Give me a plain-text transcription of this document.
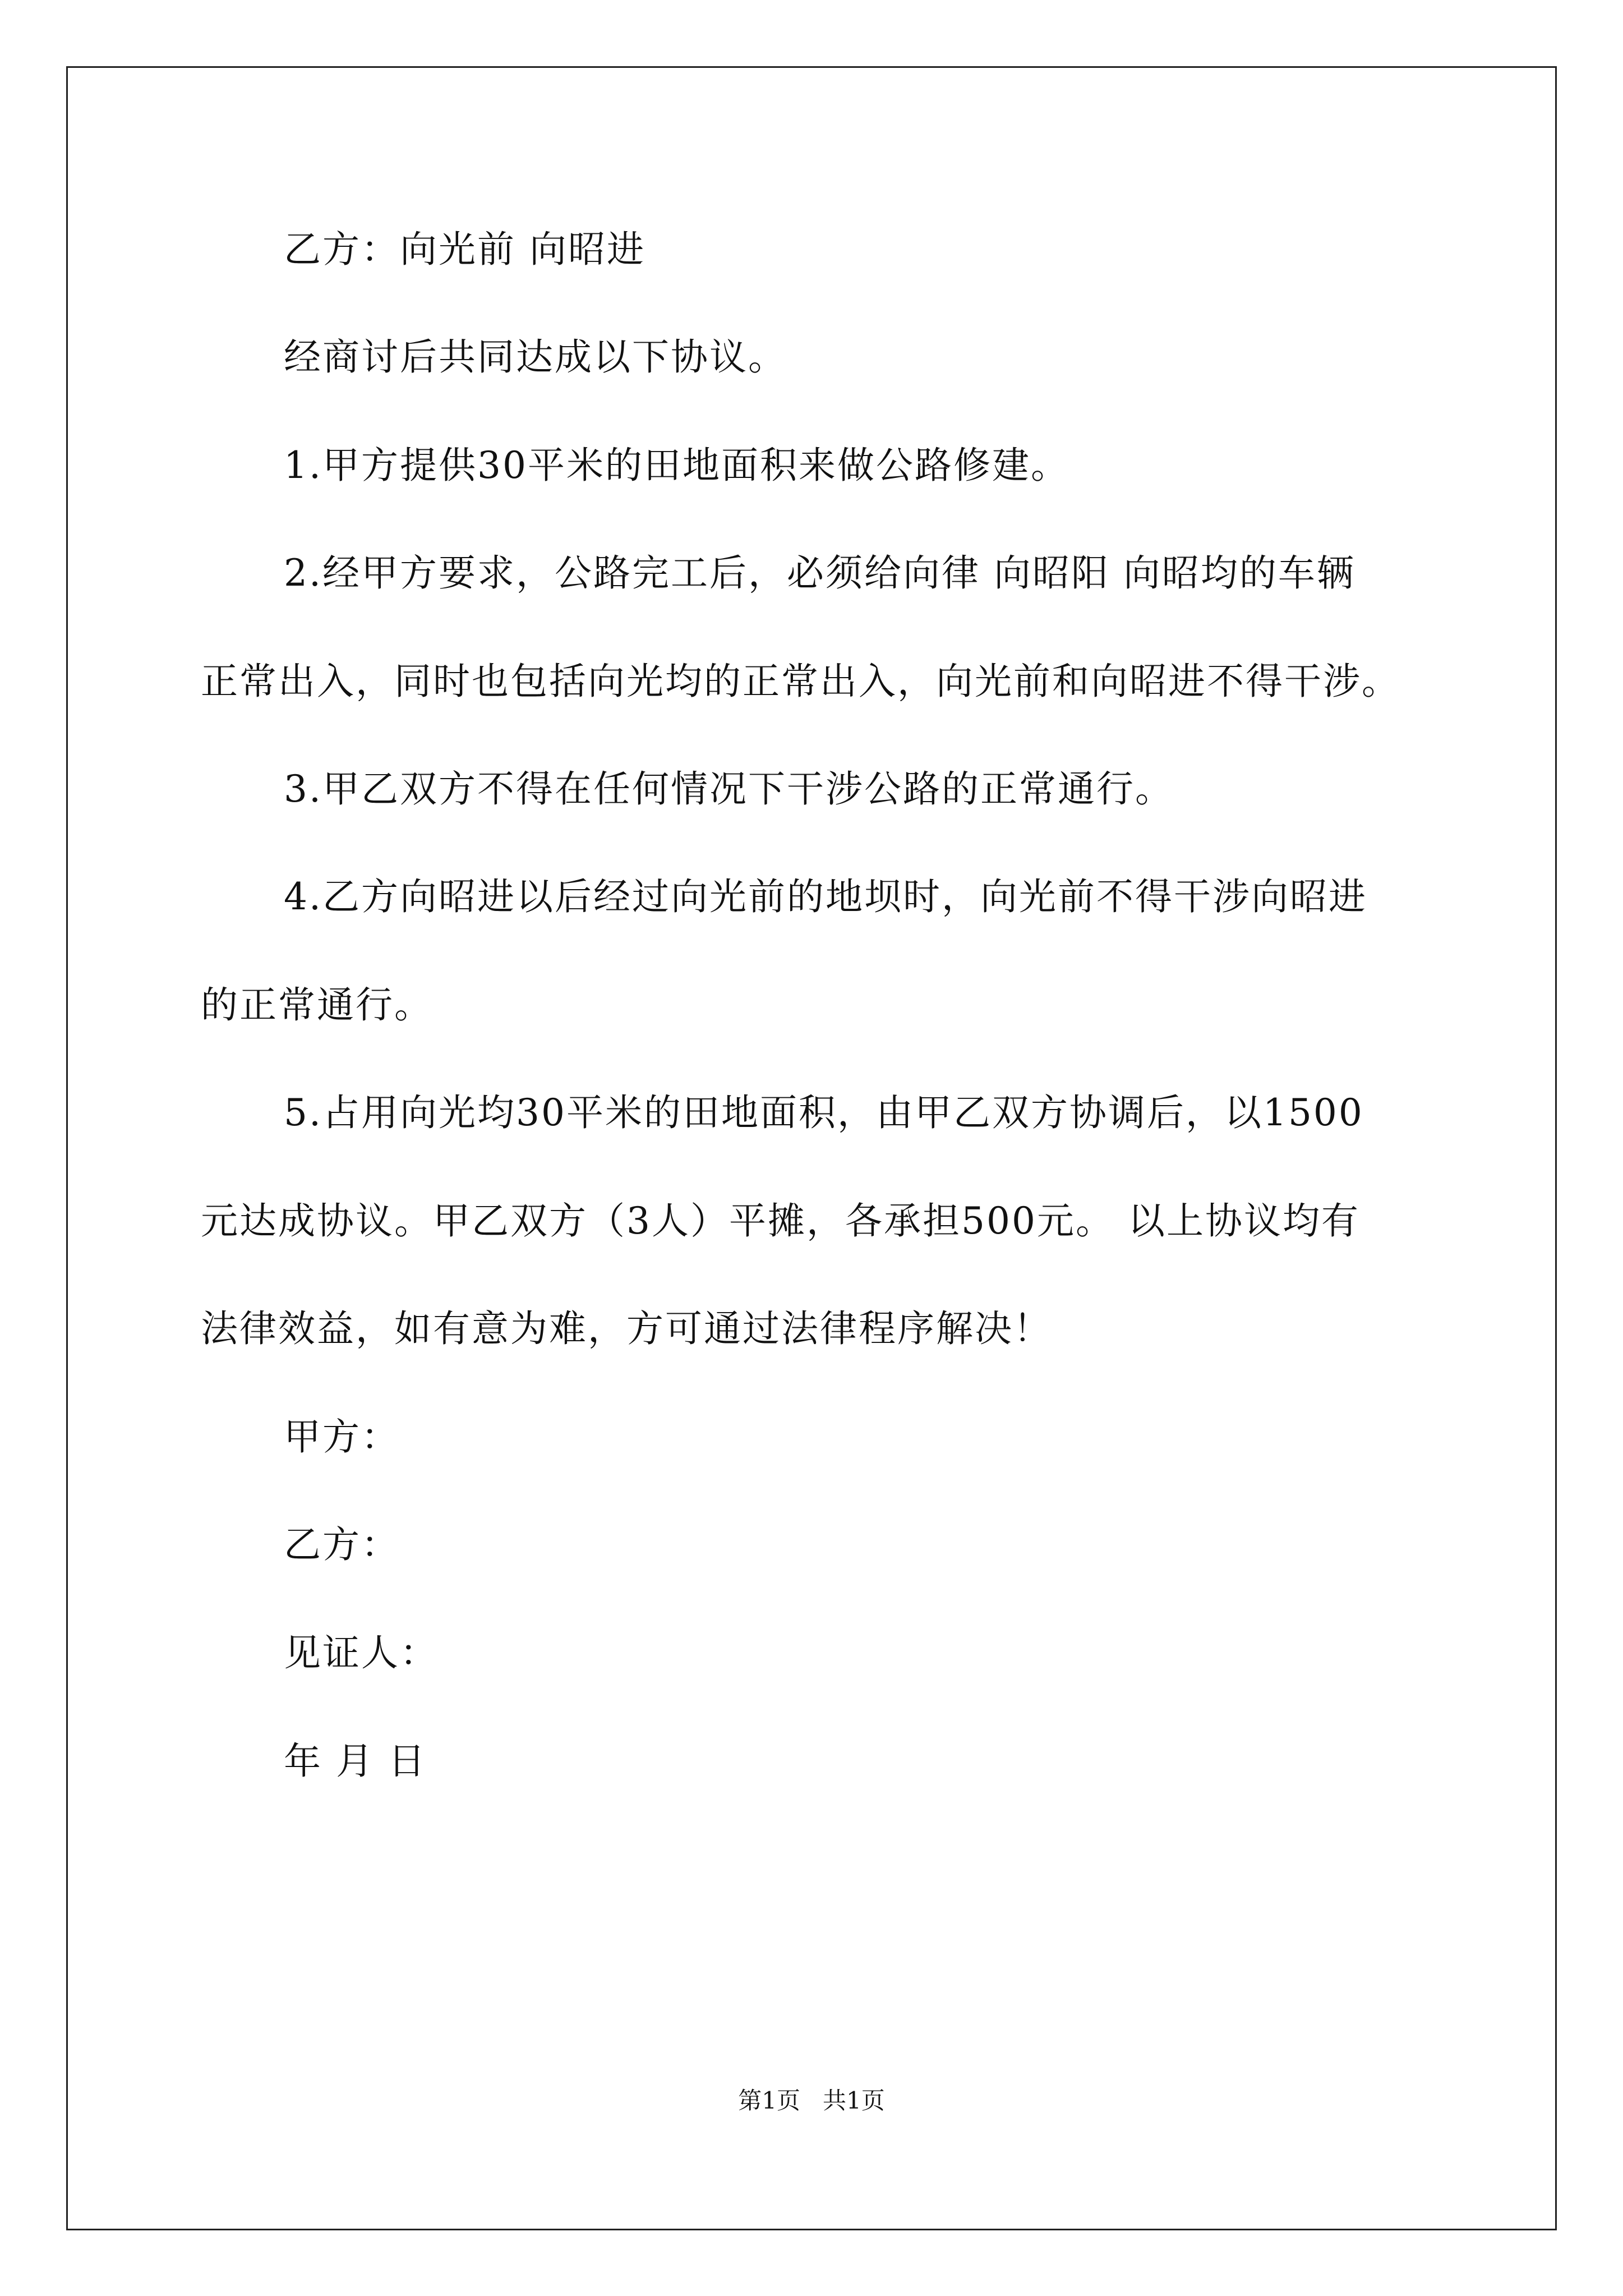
乙方：向光前 向昭进

经商讨后共同达成以下协议。

1.甲方提供30平米的田地面积来做公路修建。

2.经甲方要求，公路完工后，必须给向律 向昭阳 向昭均的车辆

正常出入，同时也包括向光均的正常出入，向光前和向昭进不得干涉。

3.甲乙双方不得在任何情况下干涉公路的正常通行。

4.乙方向昭进以后经过向光前的地坝时，向光前不得干涉向昭进

的正常通行。

5.占用向光均30平米的田地面积，由甲乙双方协调后，以1500

元达成协议。甲乙双方（3人）平摊，各承担500元。 以上协议均有

法律效益，如有意为难，方可通过法律程序解决！

甲方：

乙方：

见证人：

年 月 日

第1页   共1页
